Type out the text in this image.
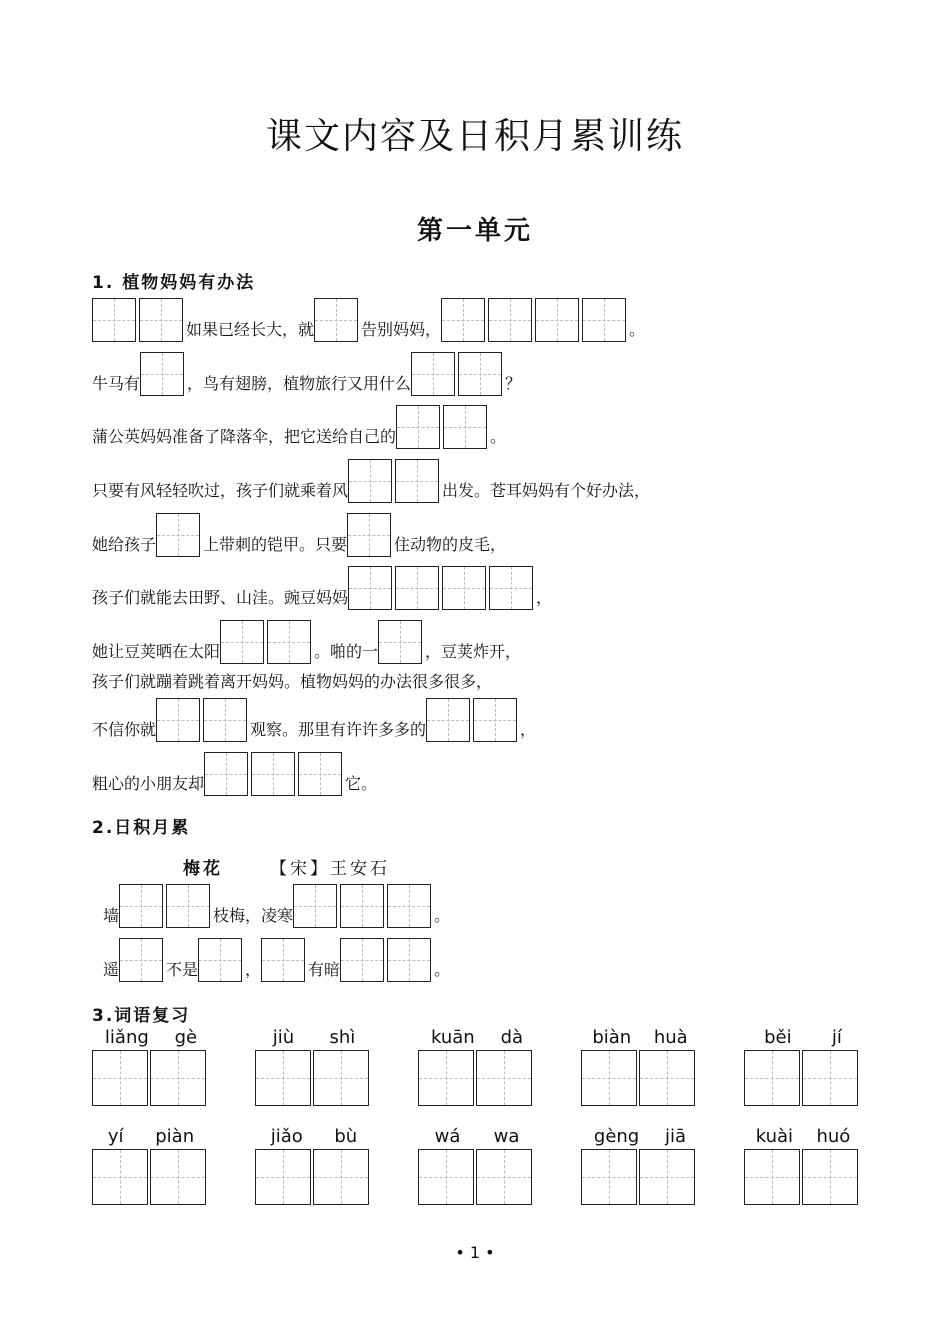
课文内容及日积月累训练
第一单元
1. 植物妈妈有办法
如果已经长大，就	告别妈妈，	。
牛马有	，鸟有翅膀，植物旅行又用什么	？
蒲公英妈妈准备了降落伞，把它送给自己的	。
只要有风轻轻吹过，孩子们就乘着风	出发。苍耳妈妈有个好办法，
她给孩子	上带刺的铠甲。只要	住动物的皮毛，
孩子们就能去田野、山洼。豌豆妈妈	，
她让豆荚晒在太阳	。啪的一	，豆荚炸开，
孩子们就蹦着跳着离开妈妈。植物妈妈的办法很多很多，
不信你就	观察。那里有许许多多的	，
粗心的小朋友却	它。
2.日积月累
梅花	【宋】王安石
墙	枝梅，凌寒	。
遥	不是	，	有暗	。
3.词语复习
liǎng gè	jiù shì	kuān dà	biàn huà	běi jí
yí piàn	jiǎo bù	wá wa	gèng jiā	kuài huó
• 1 •
